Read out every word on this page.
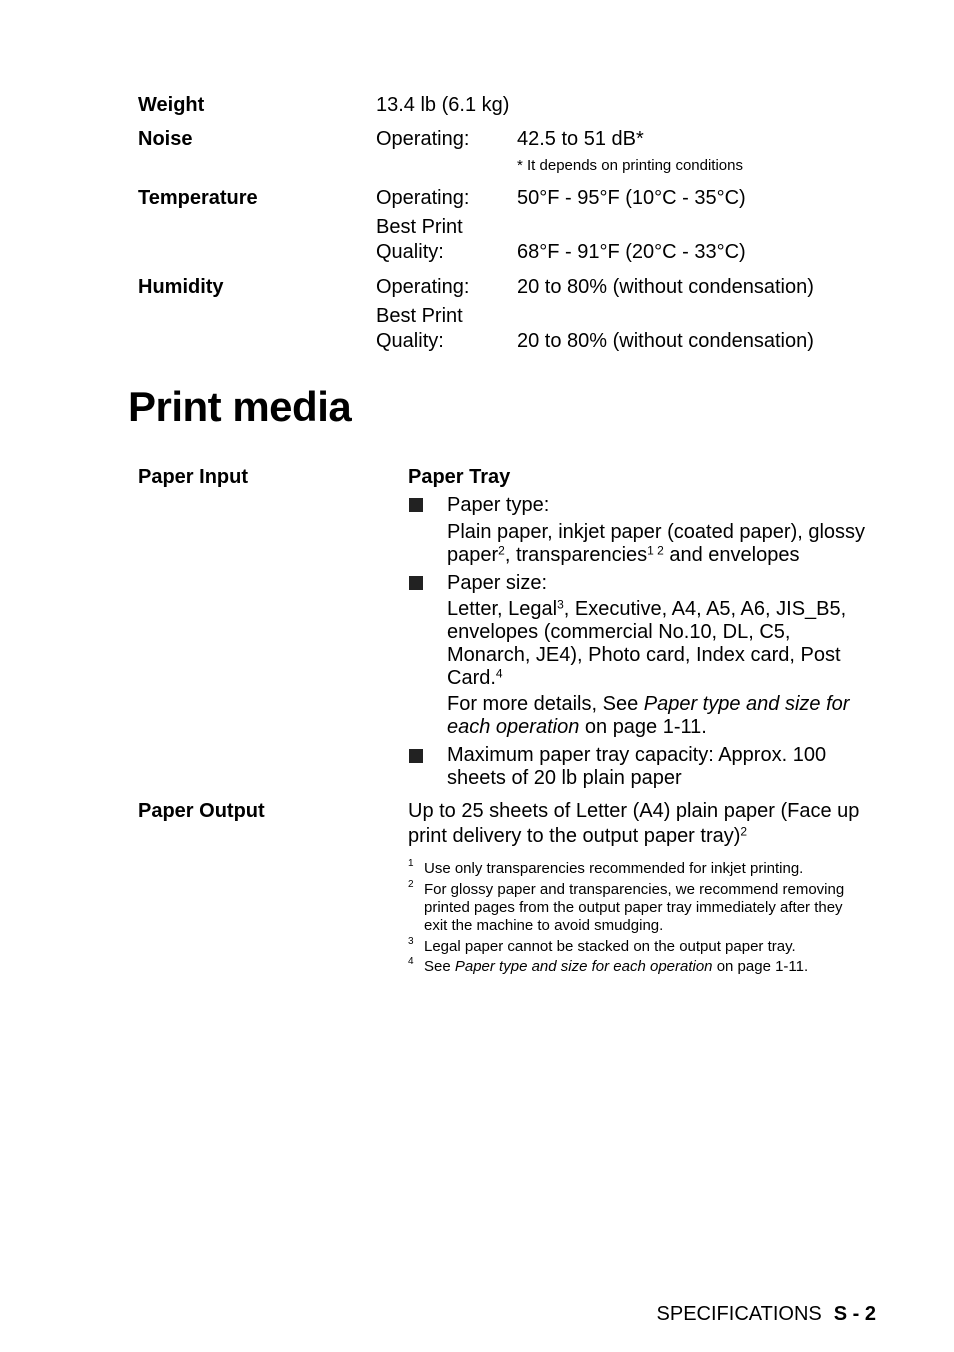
Weight	13.4 lb (6.1 kg)
Noise	Operating: 42.5 to 51 dB*
* It depends on printing conditions
Temperature	Operating: 50°F - 95°F (10°C - 35°C)
Best Print
Quality:	68°F - 91°F (20°C - 33°C)
Humidity	Operating: 20 to 80% (without condensation)
Best Print
Quality:	20 to 80% (without condensation)
Print media
Paper Input	Paper Tray
Paper type:
Plain paper, inkjet paper (coated paper), glossy
paper$^2$, transparencies$^{1 2}$ and envelopes
Paper size:
Letter, Legal$^3$, Executive, A4, A5, A6, JIS_B5,
envelopes (commercial No.10, DL, C5,
Monarch, JE4), Photo card, Index card, Post
Card.$^4$
For more details, See Paper type and size for
each operation on page 1-11.
Maximum paper tray capacity: Approx. 100
sheets of 20 lb plain paper
Paper Output	Up to 25 sheets of Letter (A4) plain paper (Face up
print delivery to the output paper tray)$^2$
1 Use only transparencies recommended for inkjet printing.
2 For glossy paper and transparencies, we recommend removing
printed pages from the output paper tray immediately after they
exit the machine to avoid smudging.
3 Legal paper cannot be stacked on the output paper tray.
4 See Paper type and size for each operation on page 1-11.
SPECIFICATIONS S - 2
